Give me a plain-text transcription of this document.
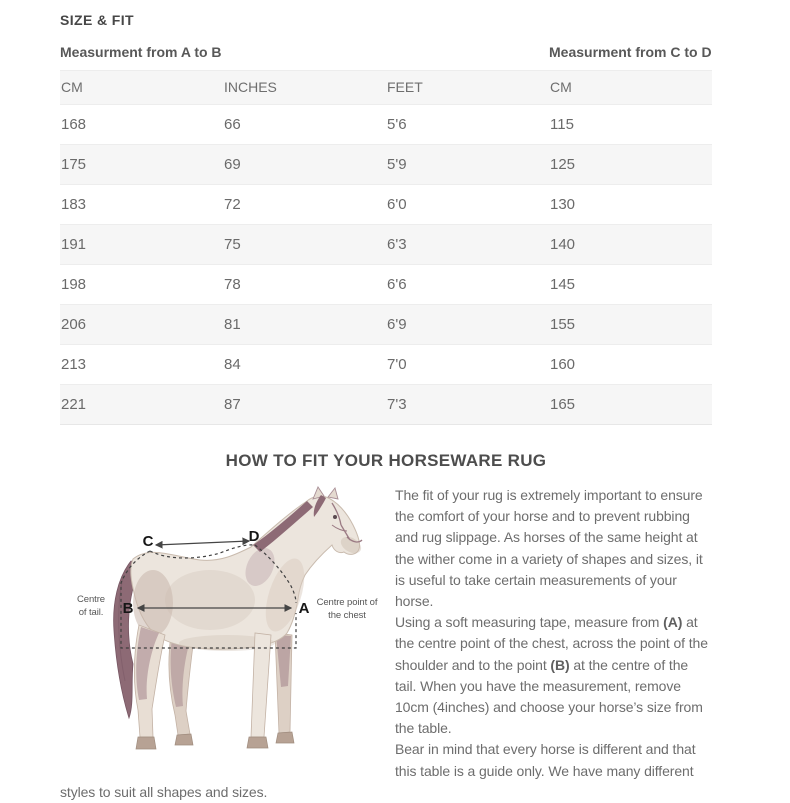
SIZE & FIT
Measurment from A to B			Measurment from C to D
CM	INCHES	FEET	CM
168	66	5'6	115
175	69	5'9	125
183	72	6'0	130
191	75	6'3	140
198	78	6'6	145
206	81	6'9	155
213	84	7'0	160
221	87	7'3	165
HOW TO FIT YOUR HORSEWARE RUG
C	D
B	A
Centre
of tail.
Centre point of
the chest

The fit of your rug is extremely important to ensure the comfort of your horse and to prevent rubbing and rug slippage. As horses of the same height at the wither come in a variety of shapes and sizes, it is useful to take certain measurements of your horse.

Using a soft measuring tape, measure from (A) at the centre point of the chest, across the point of the shoulder and to the point (B) at the centre of the tail. When you have the measurement, remove 10cm (4inches) and choose your horse’s size from the table.

Bear in mind that every horse is different and that this table is a guide only. We have many different styles to suit all shapes and sizes.
